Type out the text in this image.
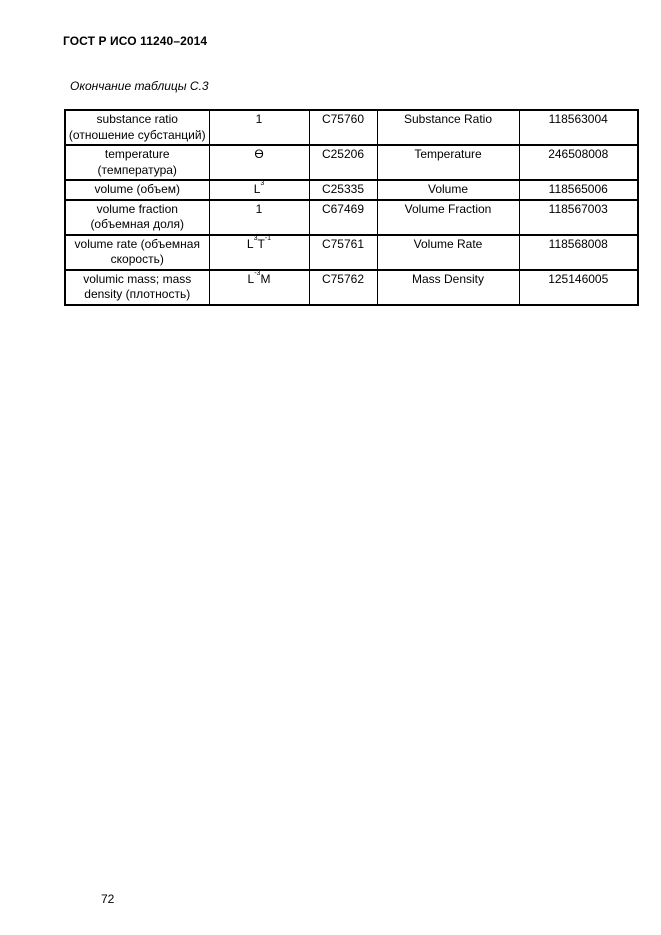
ГОСТ Р ИСО 11240–2014
Окончание таблицы С.3
substance ratio (отношение субстанций)	1	C75760	Substance Ratio	118563004
temperature (температура)	Ө	C25206	Temperature	246508008
volume (объем)	$L^3$	C25335	Volume	118565006
volume fraction (объемная доля)	1	C67469	Volume Fraction	118567003
volume rate (объемная скорость)	$L^3T^{-1}$	C75761	Volume Rate	118568008
volumic mass; mass density (плотность)	$L^{-3}M$	C75762	Mass Density	125146005
72
